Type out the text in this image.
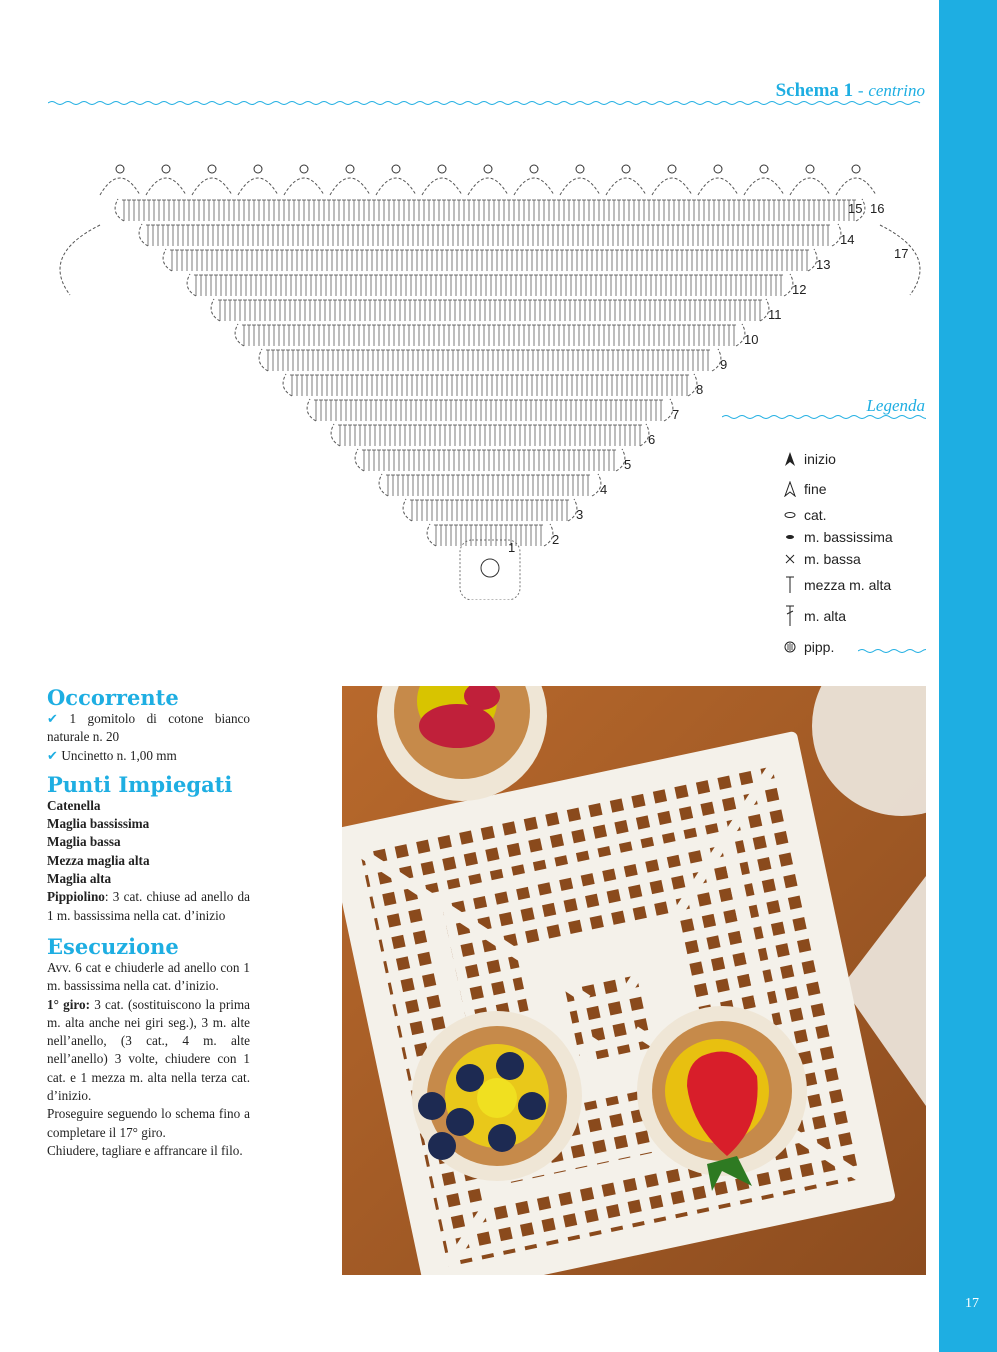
17
Schema 1 - centrino
1
2
3
4
5
6
7
8
9
10
11
12
13
14
15 16
17
Legenda
inizio
fine
cat.
m. bassissima
m. bassa
mezza m. alta
m. alta
pipp.
Occorrente

✔ 1 gomitolo di cotone bianco naturale n. 20

✔ Uncinetto n. 1,00 mm

Punti Impiegati

Catenella

Maglia bassissima

Maglia bassa

Mezza maglia alta

Maglia alta

Pippiolino: 3 cat. chiuse ad anello da 1 m. bassissima nella cat. d’inizio

Esecuzione

Avv. 6 cat e chiuderle ad anello con 1 m. bassissima nella cat. d’inizio.

1° giro: 3 cat. (sostituiscono la prima m. alta anche nei giri seg.), 3 m. alte nell’anello, (3 cat., 4 m. alte nell’anello) 3 volte, chiudere con 1 cat. e 1 mezza m. alta nella terza cat. d’inizio.

Proseguire seguendo lo schema fino a completare il 17° giro.

Chiudere, tagliare e affrancare il filo.
